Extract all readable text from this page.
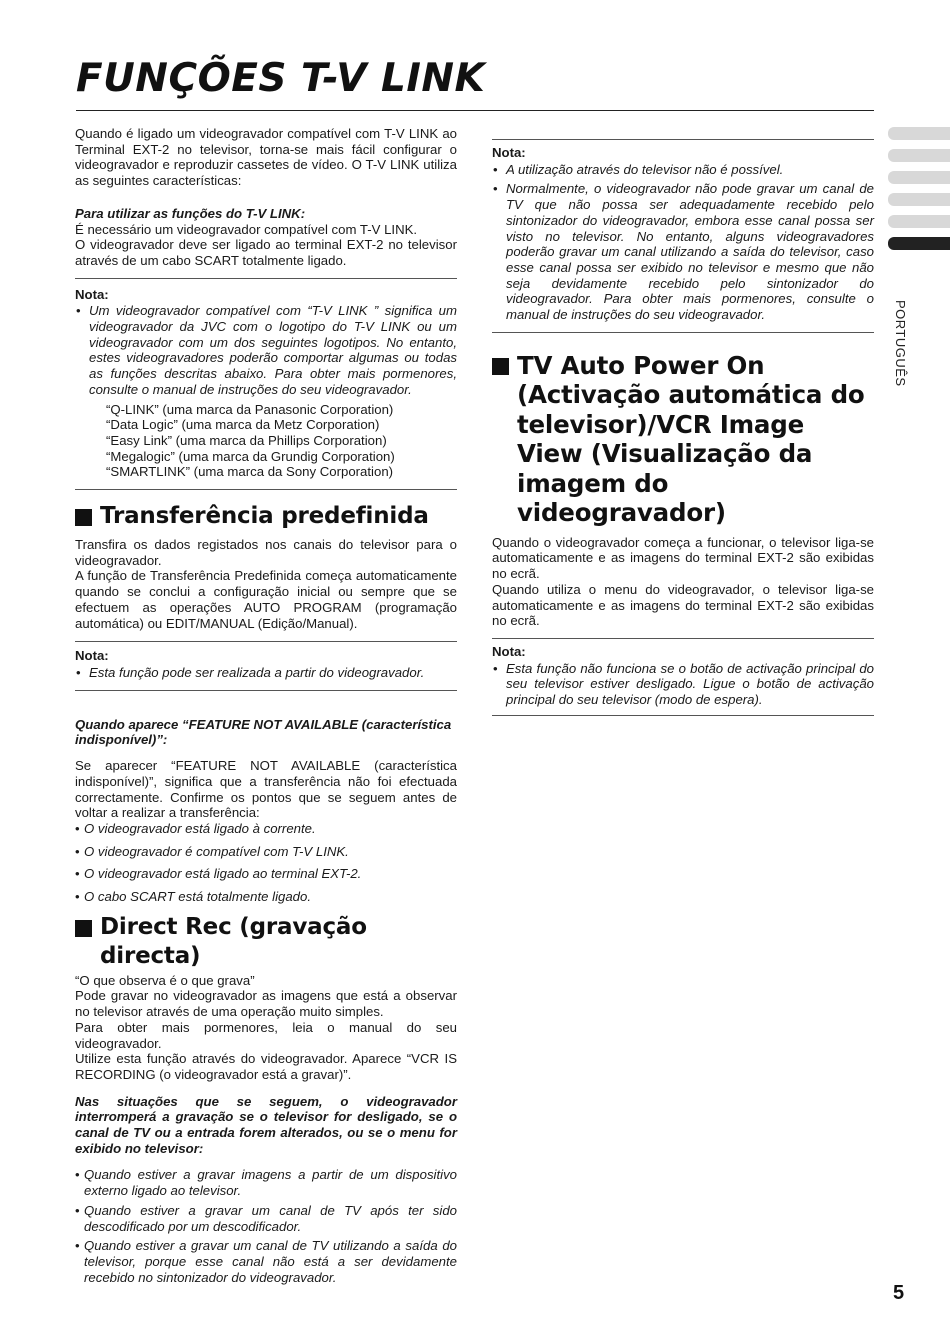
FUNÇÕES T-V LINK

Quando é ligado um videogravador compatível com T-V LINK ao Terminal EXT-2 no televisor, torna-se mais fácil configurar o videogravador e reproduzir cassetes de vídeo. O T-V LINK utiliza as seguintes características:

Para utilizar as funções do T-V LINK:

É necessário um videogravador compatível com T-V LINK.

O videogravador deve ser ligado ao terminal EXT-2 no televisor através de um cabo SCART totalmente ligado.

Nota:

• Um videogravador compatível com “T-V LINK ” significa um videogravador da JVC com o logotipo do T-V LINK ou um videogravador com um dos seguintes logotipos. No entanto, estes videogravadores poderão comportar algumas ou todas as funções descritas abaixo. Para obter mais pormenores, consulte o manual de instruções do seu videogravador.

“Q-LINK” (uma marca da Panasonic Corporation)

“Data Logic” (uma marca da Metz Corporation)

“Easy Link” (uma marca da Phillips Corporation)

“Megalogic” (uma marca da Grundig Corporation)

“SMARTLINK” (uma marca da Sony Corporation)

Transferência predefinida

Transfira os dados registados nos canais do televisor para o videogravador.

A função de Transferência Predefinida começa automaticamente quando se conclui a configuração inicial ou sempre que se efectuem as operações AUTO PROGRAM (programação automática) ou EDIT/MANUAL (Edição/Manual).

Nota:

• Esta função pode ser realizada a partir do videogravador.

Quando aparece “FEATURE NOT AVAILABLE (característica indisponível)”:

Se aparecer “FEATURE NOT AVAILABLE (característica indisponível)”, significa que a transferência não foi efectuada correctamente. Confirme os pontos que se seguem antes de voltar a realizar a transferência:

• O videogravador está ligado à corrente.
• O videogravador é compatível com T-V LINK.
• O videogravador está ligado ao terminal EXT-2.
• O cabo SCART está totalmente ligado.
Direct Rec (gravação directa)

“O que observa é o que grava”

Pode gravar no videogravador as imagens que está a observar no televisor através de uma operação muito simples.

Para obter mais pormenores, leia o manual do seu videogravador.

Utilize esta função através do videogravador. Aparece “VCR IS RECORDING (o videogravador está a gravar)”.

Nas situações que se seguem, o videogravador interromperá a gravação se o televisor for desligado, se o canal de TV ou a entrada forem alterados, ou se o menu for exibido no televisor:

• Quando estiver a gravar imagens a partir de um dispositivo externo ligado ao televisor.
• Quando estiver a gravar um canal de TV após ter sido descodificado por um descodificador.
• Quando estiver a gravar um canal de TV utilizando a saída do televisor, porque esse canal não está a ser devidamente recebido no sintonizador do videogravador.

Nota:

• A utilização através do televisor não é possível.
• Normalmente, o videogravador não pode gravar um canal de TV que não possa ser adequadamente recebido pelo sintonizador do videogravador, embora esse canal possa ser visto no televisor. No entanto, alguns videogravadores poderão gravar um canal utilizando a saída do televisor, caso esse canal possa ser exibido no televisor e mesmo que não seja devidamente recebido pelo sintonizador do videogravador. Para obter mais pormenores, consulte o manual de instruções do seu videogravador.
TV Auto Power On (Activação automática do televisor)/VCR Image View (Visualização da imagem do videogravador)

Quando o videogravador começa a funcionar, o televisor liga-se automaticamente e as imagens do terminal EXT-2 são exibidas no ecrã.

Quando utiliza o menu do videogravador, o televisor liga-se automaticamente e as imagens do terminal EXT-2 são exibidas no ecrã.

Nota:

• Esta função não funciona se o botão de activação principal do seu televisor estiver desligado. Ligue o botão de activação principal do seu televisor (modo de espera).
PORTUGUÊS
5
